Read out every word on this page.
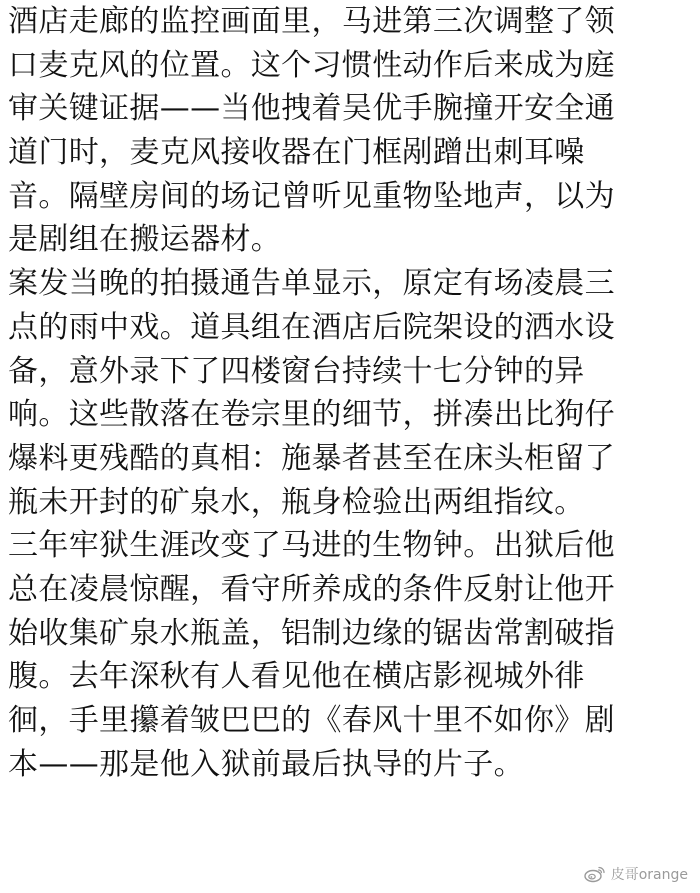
酒店走廊的监控画面里，马进第三次调整了领
口麦克风的位置。这个习惯性动作后来成为庭
审关键证据——当他拽着吴优手腕撞开安全通
道门时，麦克风接收器在门框剐蹭出刺耳噪
音。隔壁房间的场记曾听见重物坠地声，以为
是剧组在搬运器材。
案发当晚的拍摄通告单显示，原定有场凌晨三
点的雨中戏。道具组在酒店后院架设的洒水设
备，意外录下了四楼窗台持续十七分钟的异
响。这些散落在卷宗里的细节，拼凑出比狗仔
爆料更残酷的真相：施暴者甚至在床头柜留了
瓶未开封的矿泉水，瓶身检验出两组指纹。
三年牢狱生涯改变了马进的生物钟。出狱后他
总在凌晨惊醒，看守所养成的条件反射让他开
始收集矿泉水瓶盖，铝制边缘的锯齿常割破指
腹。去年深秋有人看见他在横店影视城外徘
徊，手里攥着皱巴巴的《春风十里不如你》剧
本——那是他入狱前最后执导的片子。
皮哥orange
